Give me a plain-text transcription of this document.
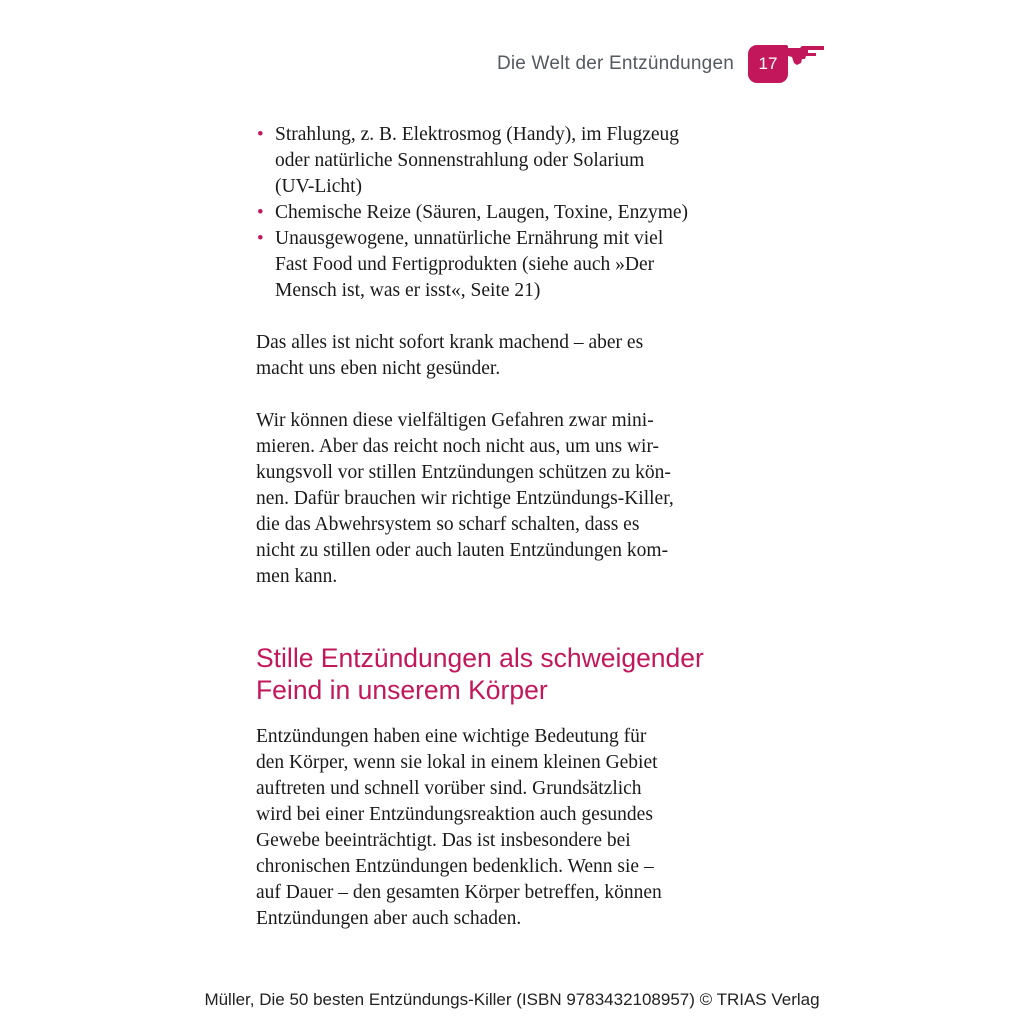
Die Welt der Entzündungen	17
• Strahlung, z. B. Elektrosmog (Handy), im Flugzeug
oder natürliche Sonnenstrahlung oder Solarium
(UV-Licht)
• Chemische Reize (Säuren, Laugen, Toxine, Enzyme)
• Unausgewogene, unnatürliche Ernährung mit viel
Fast Food und Fertigprodukten (siehe auch »Der
Mensch ist, was er isst«, Seite 21)

Das alles ist nicht sofort krank machend – aber es
macht uns eben nicht gesünder.

Wir können diese vielfältigen Gefahren zwar mini-
mieren. Aber das reicht noch nicht aus, um uns wir-
kungsvoll vor stillen Entzündungen schützen zu kön-
nen. Dafür brauchen wir richtige Entzündungs-Killer,
die das Abwehrsystem so scharf schalten, dass es
nicht zu stillen oder auch lauten Entzündungen kom-
men kann.

Stille Entzündungen als schweigender
Feind in unserem Körper

Entzündungen haben eine wichtige Bedeutung für
den Körper, wenn sie lokal in einem kleinen Gebiet
auftreten und schnell vorüber sind. Grundsätzlich
wird bei einer Entzündungsreaktion auch gesundes
Gewebe beeinträchtigt. Das ist insbesondere bei
chronischen Entzündungen bedenklich. Wenn sie –
auf Dauer – den gesamten Körper betreffen, können
Entzündungen aber auch schaden.

Müller, Die 50 besten Entzündungs-Killer (ISBN 9783432108957) © TRIAS Verlag
